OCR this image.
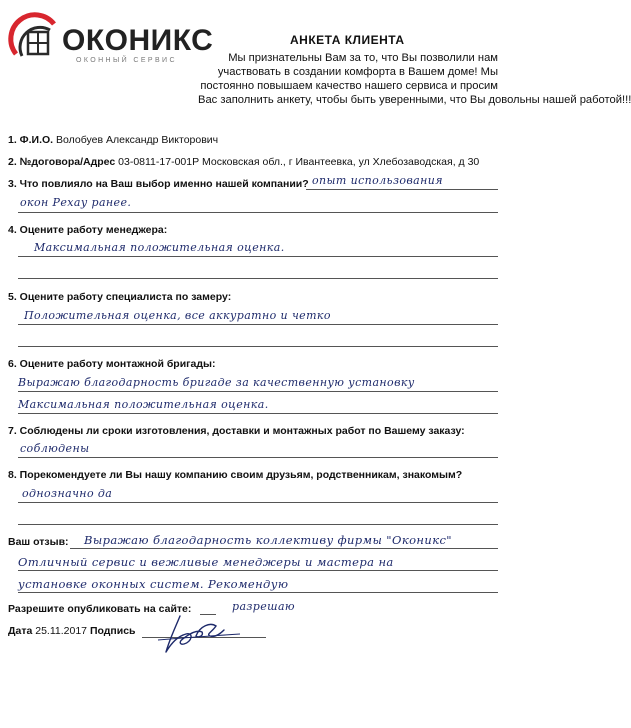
ОКОНИКС
ОКОННЫЙ СЕРВИС
АНКЕТА КЛИЕНТА
Мы признательны Вам за то, что Вы позволили нам
участвовать в создании комфорта в Вашем доме! Мы
постоянно повышаем качество нашего сервиса и просим
Вас заполнить анкету, чтобы быть уверенными, что Вы довольны нашей работой!!!
1. Ф.И.О. Волобуев Александр Викторович
2. №договора/Адрес 03-0811-17-001Р Московская обл., г Ивантеевка, ул Хлебозаводская, д 30
3. Что повлияло на Ваш выбор именно нашей компании? опыт использования
окон Рехау ранее.
4. Оцените работу менеджера:
Максимальная положительная оценка.
5. Оцените работу специалиста по замеру:
Положительная оценка, все аккуратно и четко
6. Оцените работу монтажной бригады:
Выражаю благодарность бригаде за качественную установку
Максимальная положительная оценка.
7. Соблюдены ли сроки изготовления, доставки и монтажных работ по Вашему заказу:
соблюдены
8. Порекомендуете ли Вы нашу компанию своим друзьям, родственникам, знакомым?
однозначно да
Ваш отзыв: Выражаю благодарность коллективу фирмы "Оконикс"
Отличный сервис и вежливые менеджеры и мастера на
установке оконных систем. Рекомендую
Разрешите опубликовать на сайте:	разрешаю
Дата 25.11.2017 Подпись
